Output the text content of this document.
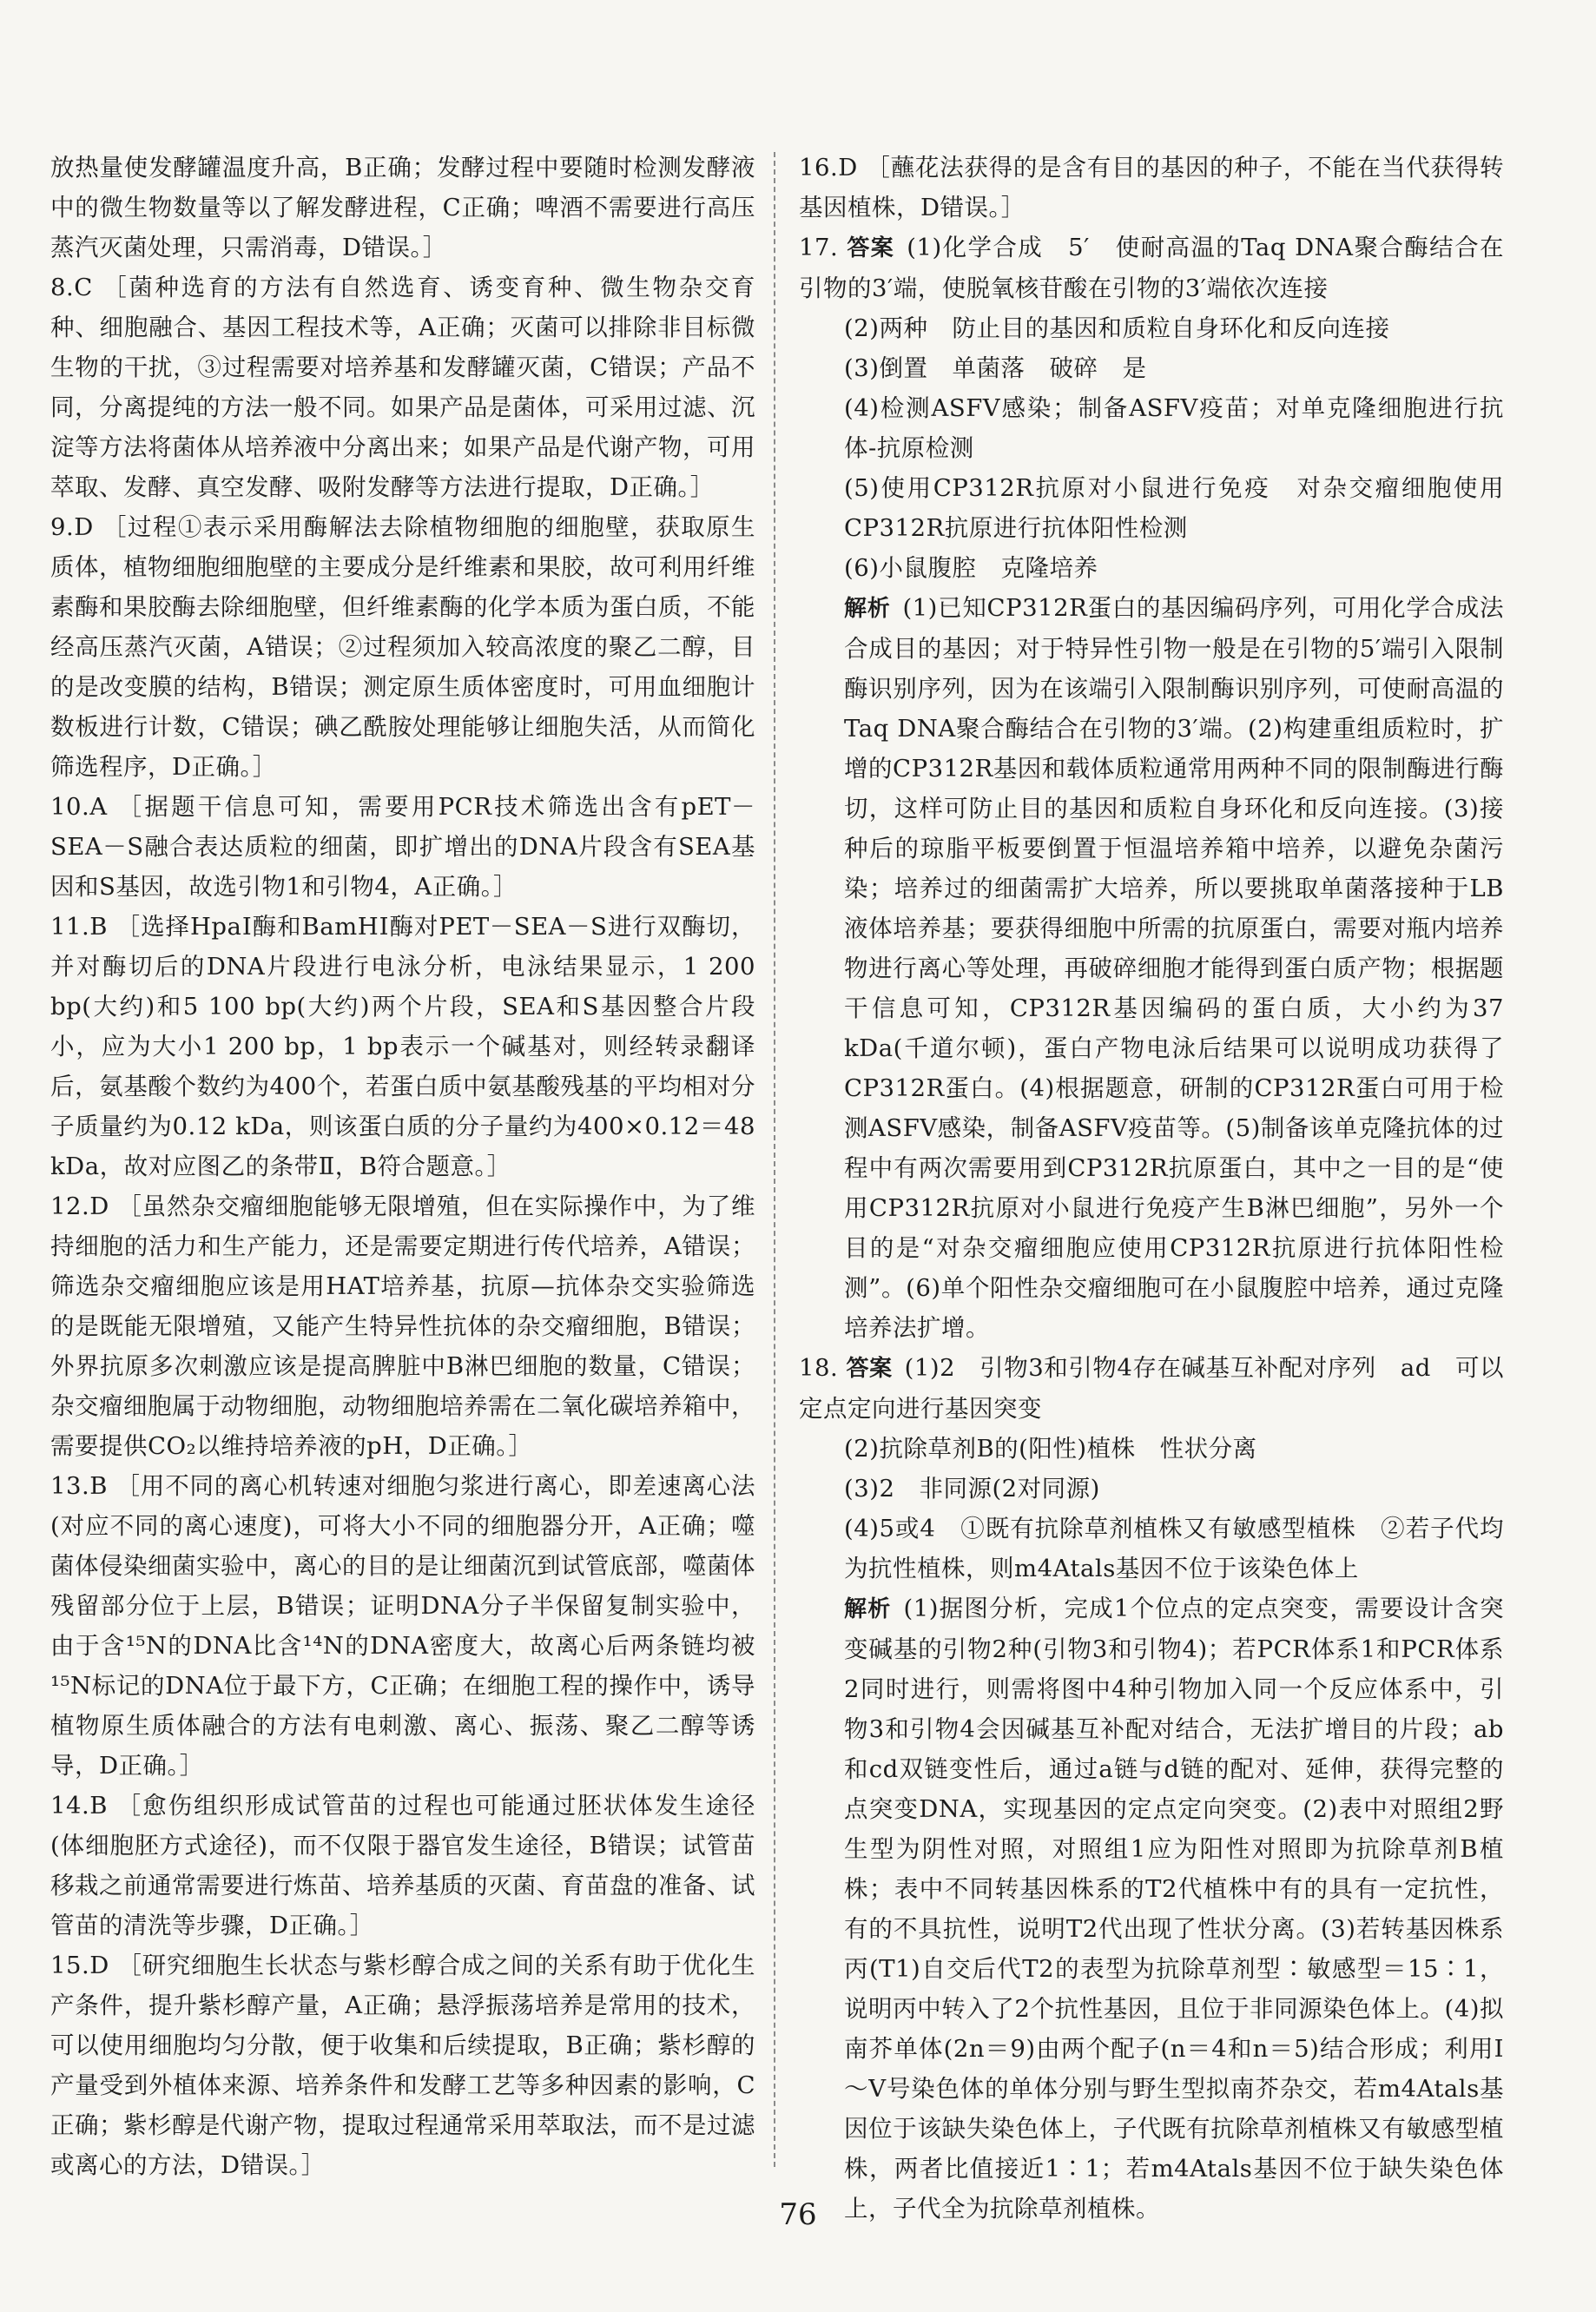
放热量使发酵罐温度升高，B正确；发酵过程中要随时检测发酵液中的微生物数量等以了解发酵进程，C正确；啤酒不需要进行高压蒸汽灭菌处理，只需消毒，D错误。］

8.C ［菌种选育的方法有自然选育、诱变育种、微生物杂交育种、细胞融合、基因工程技术等，A正确；灭菌可以排除非目标微生物的干扰，③过程需要对培养基和发酵罐灭菌，C错误；产品不同，分离提纯的方法一般不同。如果产品是菌体，可采用过滤、沉淀等方法将菌体从培养液中分离出来；如果产品是代谢产物，可用萃取、发酵、真空发酵、吸附发酵等方法进行提取，D正确。］

9.D ［过程①表示采用酶解法去除植物细胞的细胞壁，获取原生质体，植物细胞细胞壁的主要成分是纤维素和果胶，故可利用纤维素酶和果胶酶去除细胞壁，但纤维素酶的化学本质为蛋白质，不能经高压蒸汽灭菌，A错误；②过程须加入较高浓度的聚乙二醇，目的是改变膜的结构，B错误；测定原生质体密度时，可用血细胞计数板进行计数，C错误；碘乙酰胺处理能够让细胞失活，从而简化筛选程序，D正确。］

10.A ［据题干信息可知，需要用PCR技术筛选出含有pET－SEA－S融合表达质粒的细菌，即扩增出的DNA片段含有SEA基因和S基因，故选引物1和引物4，A正确。］

11.B ［选择HpaⅠ酶和BamHⅠ酶对PET－SEA－S进行双酶切，并对酶切后的DNA片段进行电泳分析，电泳结果显示，1 200 bp(大约)和5 100 bp(大约)两个片段，SEA和S基因整合片段小，应为大小1 200 bp，1 bp表示一个碱基对，则经转录翻译后，氨基酸个数约为400个，若蛋白质中氨基酸残基的平均相对分子质量约为0.12 kDa，则该蛋白质的分子量约为400×0.12＝48 kDa，故对应图乙的条带Ⅱ，B符合题意。］

12.D ［虽然杂交瘤细胞能够无限增殖，但在实际操作中，为了维持细胞的活力和生产能力，还是需要定期进行传代培养，A错误；筛选杂交瘤细胞应该是用HAT培养基，抗原—抗体杂交实验筛选的是既能无限增殖，又能产生特异性抗体的杂交瘤细胞，B错误；外界抗原多次刺激应该是提高脾脏中B淋巴细胞的数量，C错误；杂交瘤细胞属于动物细胞，动物细胞培养需在二氧化碳培养箱中，需要提供CO₂以维持培养液的pH，D正确。］

13.B ［用不同的离心机转速对细胞匀浆进行离心，即差速离心法(对应不同的离心速度)，可将大小不同的细胞器分开，A正确；噬菌体侵染细菌实验中，离心的目的是让细菌沉到试管底部，噬菌体残留部分位于上层，B错误；证明DNA分子半保留复制实验中，由于含¹⁵N的DNA比含¹⁴N的DNA密度大，故离心后两条链均被¹⁵N标记的DNA位于最下方，C正确；在细胞工程的操作中，诱导植物原生质体融合的方法有电刺激、离心、振荡、聚乙二醇等诱导，D正确。］

14.B ［愈伤组织形成试管苗的过程也可能通过胚状体发生途径(体细胞胚方式途径)，而不仅限于器官发生途径，B错误；试管苗移栽之前通常需要进行炼苗、培养基质的灭菌、育苗盘的准备、试管苗的清洗等步骤，D正确。］

15.D ［研究细胞生长状态与紫杉醇合成之间的关系有助于优化生产条件，提升紫杉醇产量，A正确；悬浮振荡培养是常用的技术，可以使用细胞均匀分散，便于收集和后续提取，B正确；紫杉醇的产量受到外植体来源、培养条件和发酵工艺等多种因素的影响，C正确；紫杉醇是代谢产物，提取过程通常采用萃取法，而不是过滤或离心的方法，D错误。］

16.D ［蘸花法获得的是含有目的基因的种子，不能在当代获得转基因植株，D错误。］

17. 答案 (1)化学合成　5′　使耐高温的Taq DNA聚合酶结合在引物的3′端，使脱氧核苷酸在引物的3′端依次连接

(2)两种　防止目的基因和质粒自身环化和反向连接

(3)倒置　单菌落　破碎　是

(4)检测ASFV感染；制备ASFV疫苗；对单克隆细胞进行抗体-抗原检测

(5)使用CP312R抗原对小鼠进行免疫　对杂交瘤细胞使用CP312R抗原进行抗体阳性检测

(6)小鼠腹腔　克隆培养

解析 (1)已知CP312R蛋白的基因编码序列，可用化学合成法合成目的基因；对于特异性引物一般是在引物的5′端引入限制酶识别序列，因为在该端引入限制酶识别序列，可使耐高温的Taq DNA聚合酶结合在引物的3′端。(2)构建重组质粒时，扩增的CP312R基因和载体质粒通常用两种不同的限制酶进行酶切，这样可防止目的基因和质粒自身环化和反向连接。(3)接种后的琼脂平板要倒置于恒温培养箱中培养，以避免杂菌污染；培养过的细菌需扩大培养，所以要挑取单菌落接种于LB液体培养基；要获得细胞中所需的抗原蛋白，需要对瓶内培养物进行离心等处理，再破碎细胞才能得到蛋白质产物；根据题干信息可知，CP312R基因编码的蛋白质，大小约为37 kDa(千道尔顿)，蛋白产物电泳后结果可以说明成功获得了CP312R蛋白。(4)根据题意，研制的CP312R蛋白可用于检测ASFV感染，制备ASFV疫苗等。(5)制备该单克隆抗体的过程中有两次需要用到CP312R抗原蛋白，其中之一目的是“使用CP312R抗原对小鼠进行免疫产生B淋巴细胞”，另外一个目的是“对杂交瘤细胞应使用CP312R抗原进行抗体阳性检测”。(6)单个阳性杂交瘤细胞可在小鼠腹腔中培养，通过克隆培养法扩增。

18. 答案 (1)2　引物3和引物4存在碱基互补配对序列　ad　可以定点定向进行基因突变

(2)抗除草剂B的(阳性)植株　性状分离

(3)2　非同源(2对同源)

(4)5或4　①既有抗除草剂植株又有敏感型植株　②若子代均为抗性植株，则m4Atals基因不位于该染色体上

解析 (1)据图分析，完成1个位点的定点突变，需要设计含突变碱基的引物2种(引物3和引物4)；若PCR体系1和PCR体系2同时进行，则需将图中4种引物加入同一个反应体系中，引物3和引物4会因碱基互补配对结合，无法扩增目的片段；ab和cd双链变性后，通过a链与d链的配对、延伸，获得完整的点突变DNA，实现基因的定点定向突变。(2)表中对照组2野生型为阴性对照，对照组1应为阳性对照即为抗除草剂B植株；表中不同转基因株系的T2代植株中有的具有一定抗性，有的不具抗性，说明T2代出现了性状分离。(3)若转基因株系丙(T1)自交后代T2的表型为抗除草剂型∶敏感型＝15∶1，说明丙中转入了2个抗性基因，且位于非同源染色体上。(4)拟南芥单体(2n＝9)由两个配子(n＝4和n＝5)结合形成；利用Ⅰ～Ⅴ号染色体的单体分别与野生型拟南芥杂交，若m4Atals基因位于该缺失染色体上，子代既有抗除草剂植株又有敏感型植株，两者比值接近1∶1；若m4Atals基因不位于缺失染色体上，子代全为抗除草剂植株。

76
